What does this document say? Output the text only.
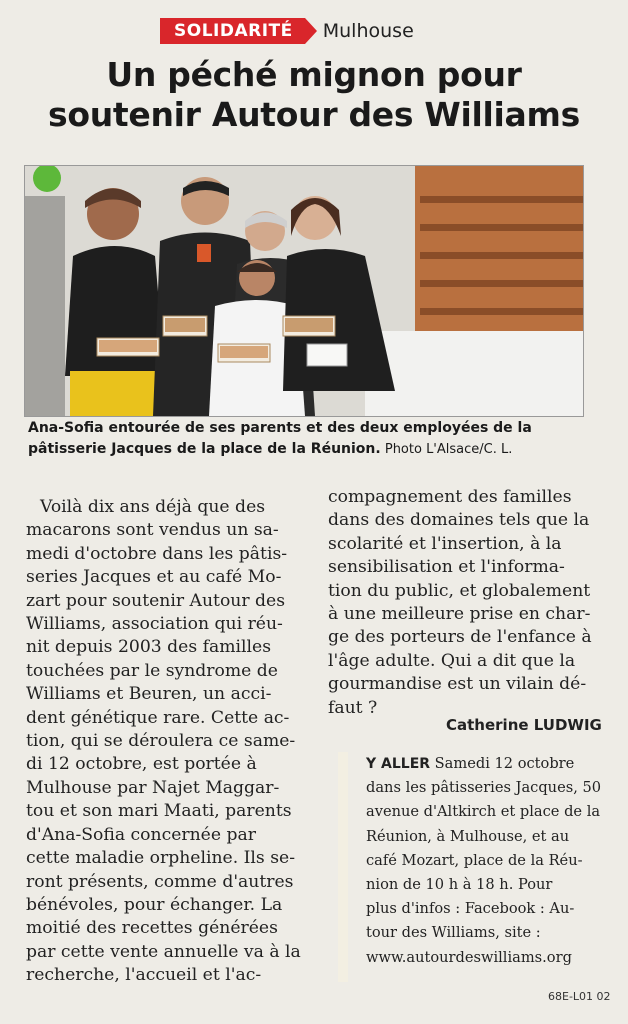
SOLIDARITÉ	Mulhouse
Un péché mignon pour
soutenir Autour des Williams
Ana-Sofia entourée de ses parents et des deux employées de la
pâtisserie Jacques de la place de la Réunion. Photo L'Alsace/C. L.
Voilà dix ans déjà que des
macarons sont vendus un sa-
medi d'octobre dans les pâtis-
series Jacques et au café Mo-
zart pour soutenir Autour des
Williams, association qui réu-
nit depuis 2003 des familles
touchées par le syndrome de
Williams et Beuren, un acci-
dent génétique rare. Cette ac-
tion, qui se déroulera ce same-
di 12 octobre, est portée à
Mulhouse par Najet Maggar-
tou et son mari Maati, parents
d'Ana-Sofia concernée par
cette maladie orpheline. Ils se-
ront présents, comme d'autres
bénévoles, pour échanger. La
moitié des recettes générées
par cette vente annuelle va à la
recherche, l'accueil et l'ac-
compagnement des familles
dans des domaines tels que la
scolarité et l'insertion, à la
sensibilisation et l'informa-
tion du public, et globalement
à une meilleure prise en char-
ge des porteurs de l'enfance à
l'âge adulte. Qui a dit que la
gourmandise est un vilain dé-
faut ?
Catherine LUDWIG
Y ALLER Samedi 12 octobre
dans les pâtisseries Jacques, 50
avenue d'Altkirch et place de la
Réunion, à Mulhouse, et au
café Mozart, place de la Réu-
nion de 10 h à 18 h. Pour
plus d'infos : Facebook : Au-
tour des Williams, site :
www.autourdeswilliams.org
68E-L01 02
